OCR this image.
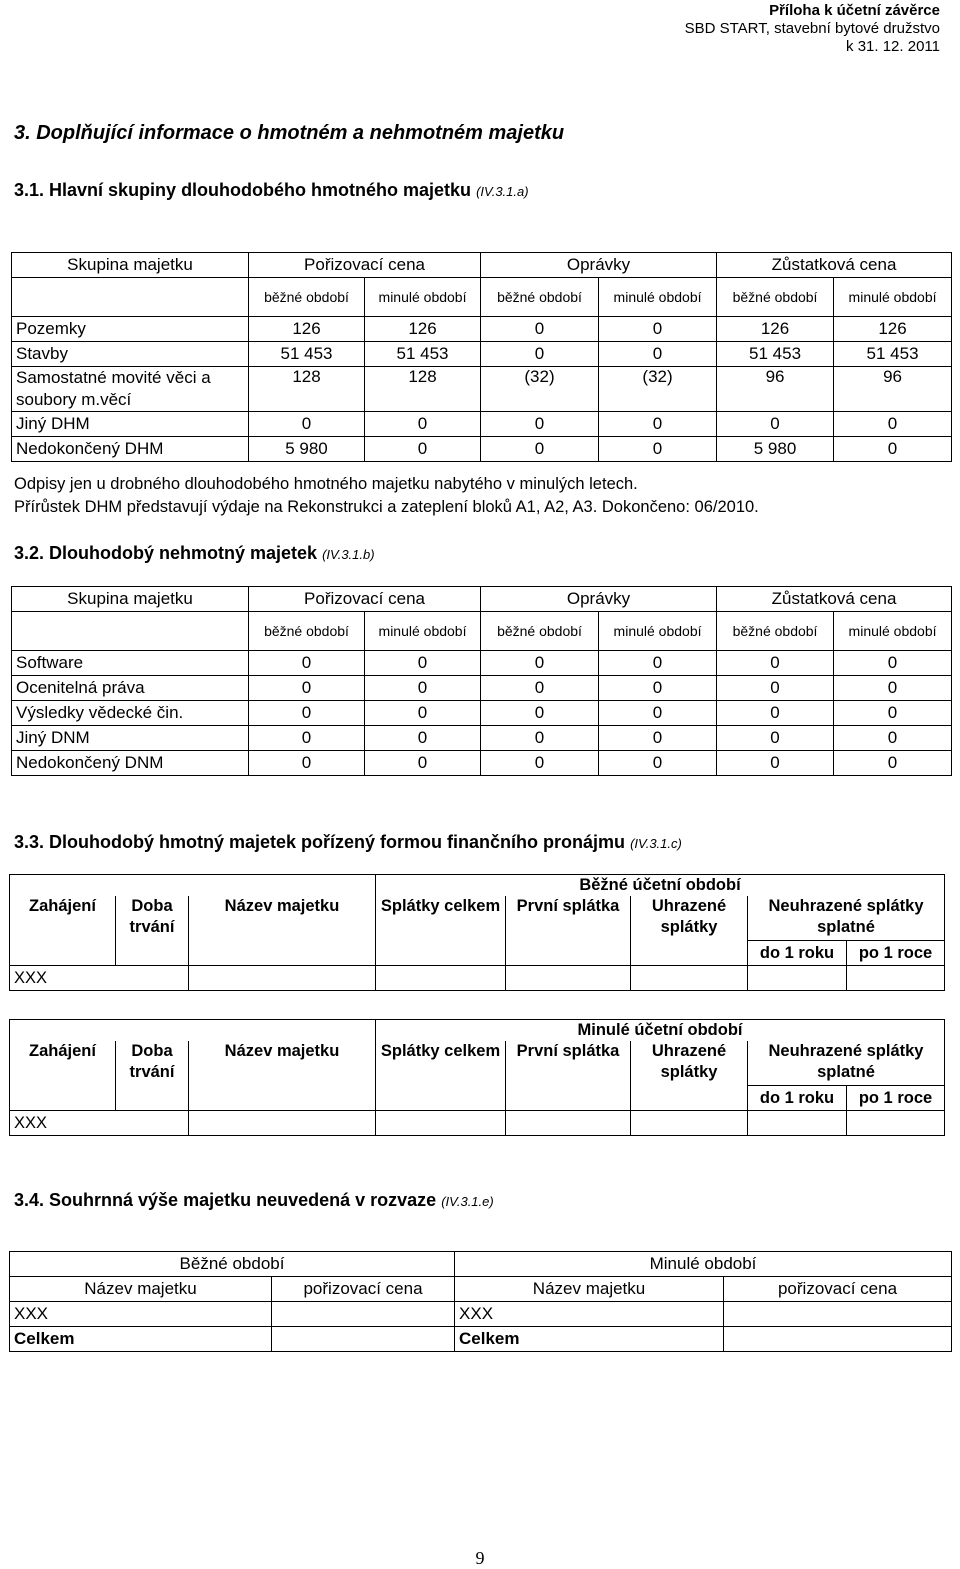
Příloha k účetní závěrce
SBD START, stavební bytové družstvo
k 31. 12. 2011
3. Doplňující informace o hmotném a nehmotném majetku
3.1. Hlavní skupiny dlouhodobého hmotného majetku (IV.3.1.a)
Skupina majetku	Pořizovací cena		Oprávky		Zůstatková cena	
	běžné období	minulé období	běžné období	minulé období	běžné období	minulé období
Pozemky	126	126	0	0	126	126
Stavby	51 453	51 453	0	0	51 453	51 453
Samostatné movité věci a soubory m.věcí	128	128	(32)	(32)	96	96
Jiný DHM	0	0	0	0	0	0
Nedokončený DHM	5 980	0	0	0	5 980	0
Odpisy jen u drobného dlouhodobého hmotného majetku nabytého v minulých letech.
Přírůstek DHM představují výdaje na Rekonstrukci a zateplení bloků A1, A2, A3. Dokončeno: 06/2010.
3.2. Dlouhodobý nehmotný majetek (IV.3.1.b)
Skupina majetku	Pořizovací cena		Oprávky		Zůstatková cena	
	běžné období	minulé období	běžné období	minulé období	běžné období	minulé období
Software	0	0	0	0	0	0
Ocenitelná práva	0	0	0	0	0	0
Výsledky vědecké čin.	0	0	0	0	0	0
Jiný DNM	0	0	0	0	0	0
Nedokončený DNM	0	0	0	0	0	0
3.3. Dlouhodobý hmotný majetek pořízený formou finančního pronájmu (IV.3.1.c)
			Běžné účetní období				
Zahájení	Doba trvání	Název majetku	Splátky celkem	První splátka	Uhrazené splátky	Neuhrazené splátky splatné	
						do 1 roku	po 1 roce
XXX							
			Minulé účetní období				
Zahájení	Doba trvání	Název majetku	Splátky celkem	První splátka	Uhrazené splátky	Neuhrazené splátky splatné	
						do 1 roku	po 1 roce
XXX							
3.4. Souhrnná výše majetku neuvedená v rozvaze (IV.3.1.e)
Běžné období		Minulé období	
Název majetku	pořizovací cena	Název majetku	pořizovací cena
XXX		XXX	
Celkem		Celkem	
9
